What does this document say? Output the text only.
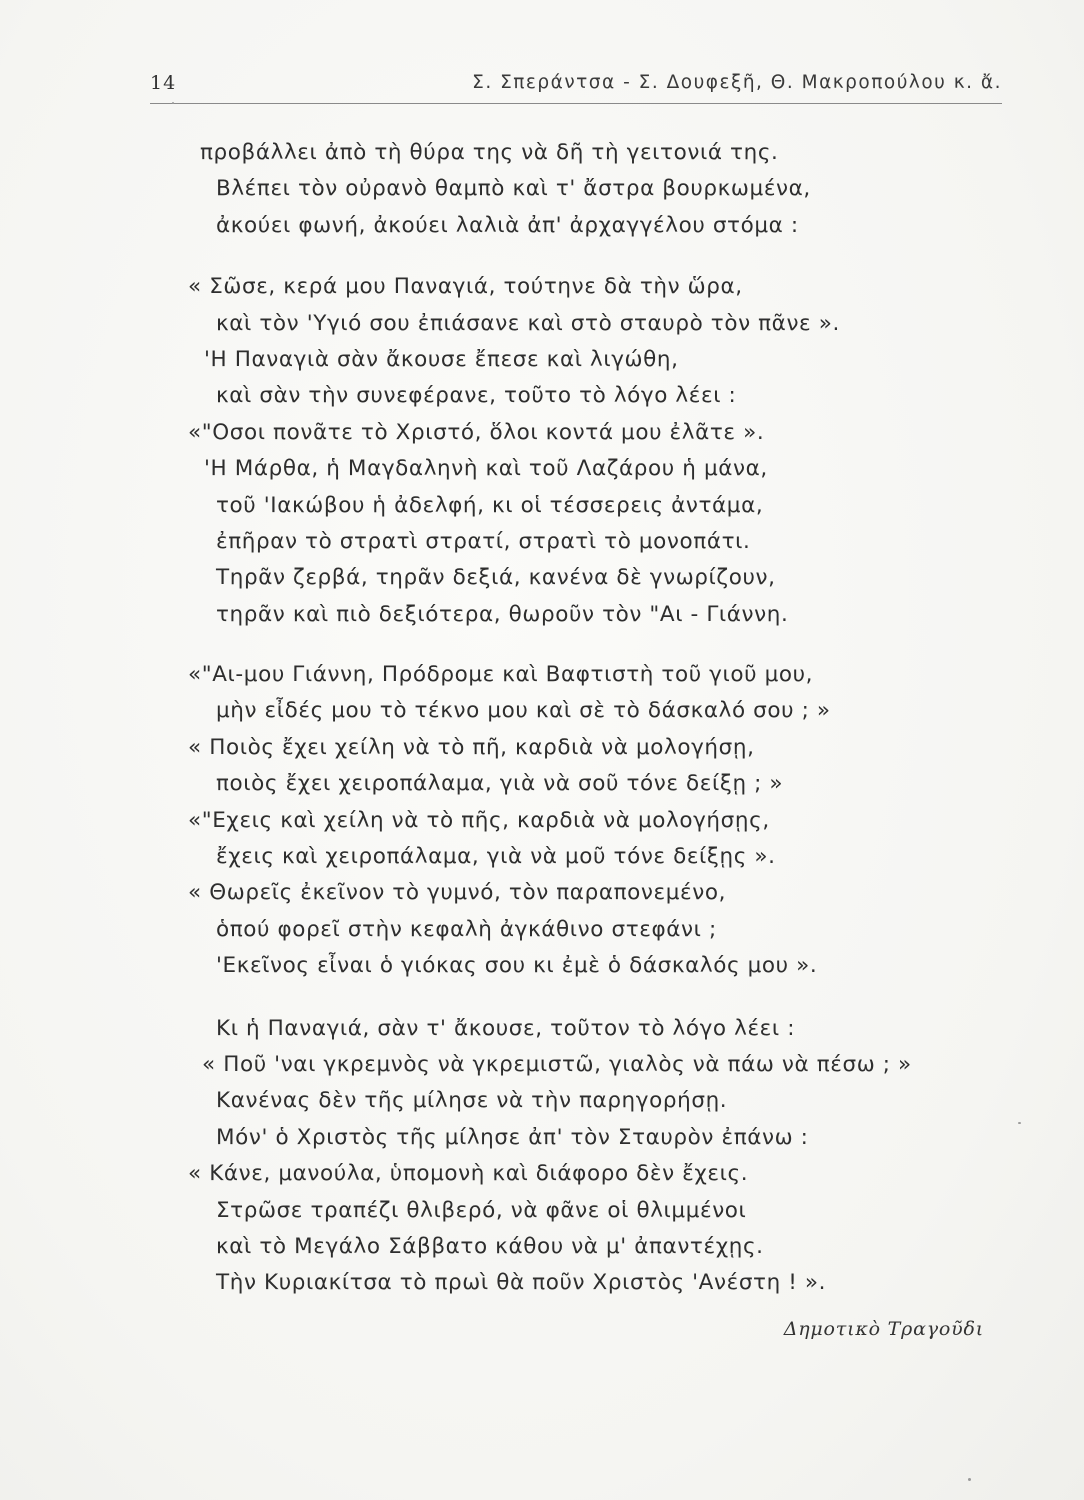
14	Σ. Σπεράντσα - Σ. Δουφεξῆ, Θ. Μακροπούλου κ. ἄ.
προβάλλει ἀπὸ τὴ θύρα της νὰ δῆ τὴ γειτονιά της.
Βλέπει τὸν οὐρανὸ θαμπὸ καὶ τ' ἄστρα βουρκωμένα,
ἀκούει φωνή, ἀκούει λαλιὰ ἀπ' ἀρχαγγέλου στόμα :
« Σῶσε, κερά μου Παναγιά, τούτηνε δὰ τὴν ὥρα,
καὶ τὸν 'Υγιό σου ἐπιάσανε καὶ στὸ σταυρὸ τὸν πᾶνε ».
'Η Παναγιὰ σὰν ἄκουσε ἔπεσε καὶ λιγώθη,
καὶ σὰν τὴν συνεφέρανε, τοῦτο τὸ λόγο λέει :
«"Οσοι πονᾶτε τὸ Χριστό, ὅλοι κοντά μου ἐλᾶτε ».
'Η Μάρθα, ἡ Μαγδαληνὴ καὶ τοῦ Λαζάρου ἡ μάνα,
τοῦ 'Ιακώβου ἡ ἀδελφή, κι οἱ τέσσερεις ἀντάμα,
ἐπῆραν τὸ στρατὶ στρατί, στρατὶ τὸ μονοπάτι.
Τηρᾶν ζερβά, τηρᾶν δεξιά, κανένα δὲ γνωρίζουν,
τηρᾶν καὶ πιὸ δεξιότερα, θωροῦν τὸν "Αι - Γιάννη.
«"Αι-μου Γιάννη, Πρόδρομε καὶ Βαφτιστὴ τοῦ γιοῦ μου,
μὴν εἶδές μου τὸ τέκνο μου καὶ σὲ τὸ δάσκαλό σου ; »
« Ποιὸς ἔχει χείλη νὰ τὸ πῆ, καρδιὰ νὰ μολογήσῃ,
ποιὸς ἔχει χειροπάλαμα, γιὰ νὰ σοῦ τόνε δείξῃ ; »
«"Εχεις καὶ χείλη νὰ τὸ πῆς, καρδιὰ νὰ μολογήσῃς,
ἔχεις καὶ χειροπάλαμα, γιὰ νὰ μοῦ τόνε δείξῃς ».
« Θωρεῖς ἐκεῖνον τὸ γυμνό, τὸν παραπονεμένο,
ὁπού φορεῖ στὴν κεφαλὴ ἀγκάθινο στεφάνι ;
'Εκεῖνος εἶναι ὁ γιόκας σου κι ἐμὲ ὁ δάσκαλός μου ».
Κι ἡ Παναγιά, σὰν τ' ἄκουσε, τοῦτον τὸ λόγο λέει :
« Ποῦ 'ναι γκρεμνὸς νὰ γκρεμιστῶ, γιαλὸς νὰ πάω νὰ πέσω ; »
Κανένας δὲν τῆς μίλησε νὰ τὴν παρηγορήσῃ.
Μόν' ὁ Χριστὸς τῆς μίλησε ἀπ' τὸν Σταυρὸν ἐπάνω :
« Κάνε, μανούλα, ὑπομονὴ καὶ διάφορο δὲν ἔχεις.
Στρῶσε τραπέζι θλιβερό, νὰ φᾶνε οἱ θλιμμένοι
καὶ τὸ Μεγάλο Σάββατο κάθου νὰ μ' ἀπαντέχῃς.
Τὴν Κυριακίτσα τὸ πρωὶ θὰ ποῦν Χριστὸς 'Ανέστη ! ».
Δημοτικὸ Τραγοῦδι
